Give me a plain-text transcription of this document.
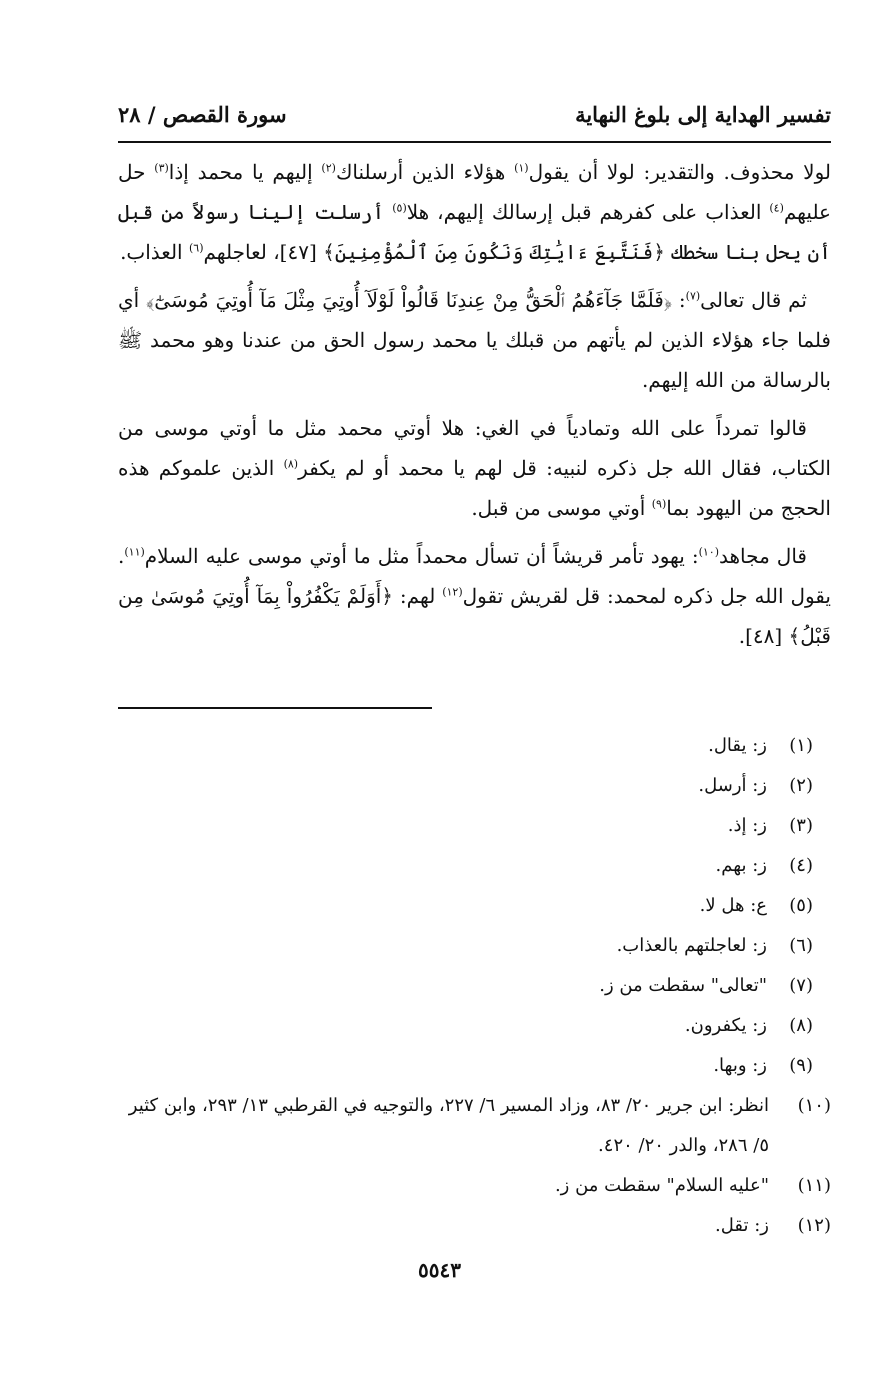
تفسير الهداية إلى بلوغ النهاية
سورة القصص / ٢٨

لولا محذوف. والتقدير: لولا أن يقول$^{(١)}$ هؤلاء الذين أرسلناك$^{(٢)}$ إليهم يا محمد إذا$^{(٣)}$ حل عليهم$^{(٤)}$ العذاب على كفرهم قبل إرسالك إليهم، هلا$^{(٥)}$ أرسلت إلينا رسولاً من قبل أن يحل بنا سخطك ﴿فَنَتَّبِعَ ءَايَٰتِكَ وَنَكُونَ مِنَ ٱلْمُؤْمِنِينَ﴾ [٤٧]، لعاجلهم$^{(٦)}$ العذاب.

ثم قال تعالى$^{(٧)}$: ﴿فَلَمَّا جَآءَهُمُ ٱلْحَقُّ مِنْ عِندِنَا قَالُواْ لَوْلَآ أُوتِيَ مِثْلَ مَآ أُوتِيَ مُوسَىٰٓ﴾ أي فلما جاء هؤلاء الذين لم يأتهم من قبلك يا محمد رسول الحق من عندنا وهو محمد ﷺ بالرسالة من الله إليهم.

قالوا تمرداً على الله وتمادياً في الغي: هلا أوتي محمد مثل ما أوتي موسى من الكتاب، فقال الله جل ذكره لنبيه: قل لهم يا محمد أو لم يكفر$^{(٨)}$ الذين علموكم هذه الحجج من اليهود بما$^{(٩)}$ أوتي موسى من قبل.

قال مجاهد$^{(١٠)}$: يهود تأمر قريشاً أن تسأل محمداً مثل ما أوتي موسى عليه السلام$^{(١١)}$. يقول الله جل ذكره لمحمد: قل لقريش تقول$^{(١٢)}$ لهم: ﴿أَوَلَمْ يَكْفُرُواْ بِمَآ أُوتِيَ مُوسَىٰ مِن قَبْلُ﴾ [٤٨].

(١)
ز: يقال.
(٢)
ز: أرسل.
(٣)
ز: إذ.
(٤)
ز: بهم.
(٥)
ع: هل لا.
(٦)
ز: لعاجلتهم بالعذاب.
(٧)
"تعالى" سقطت من ز.
(٨)
ز: يكفرون.
(٩)
ز: وبها.
(١٠)
انظر: ابن جرير ٢٠/ ٨٣، وزاد المسير ٦/ ٢٢٧، والتوجيه في القرطبي ١٣/ ٢٩٣، وابن كثير ٥/ ٢٨٦، والدر ٢٠/ ٤٢٠.
(١١)
"عليه السلام" سقطت من ز.
(١٢)
ز: تقل.
٥٥٤٣
